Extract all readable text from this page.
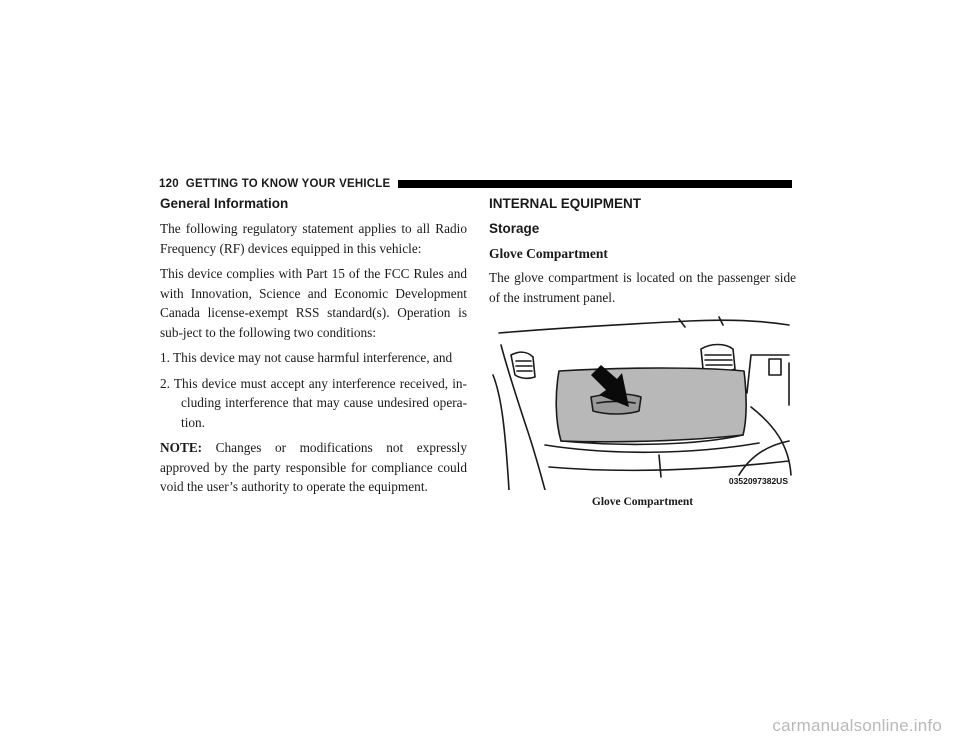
120 GETTING TO KNOW YOUR VEHICLE
General Information

The following regulatory statement applies to all Radio Frequency (RF) devices equipped in this vehicle:

This device complies with Part 15 of the FCC Rules and with Innovation, Science and Economic Development Canada license-exempt RSS standard(s). Operation is sub-ject to the following two conditions:

1. This device may not cause harmful interference, and
2. This device must accept any interference received, in-cluding interference that may cause undesired opera-tion.

NOTE: Changes or modifications not expressly approved by the party responsible for compliance could void the user’s authority to operate the equipment.

INTERNAL EQUIPMENT
Storage
Glove Compartment

The glove compartment is located on the passenger side of the instrument panel.

0352097382US
Glove Compartment
carmanualsonline.info
